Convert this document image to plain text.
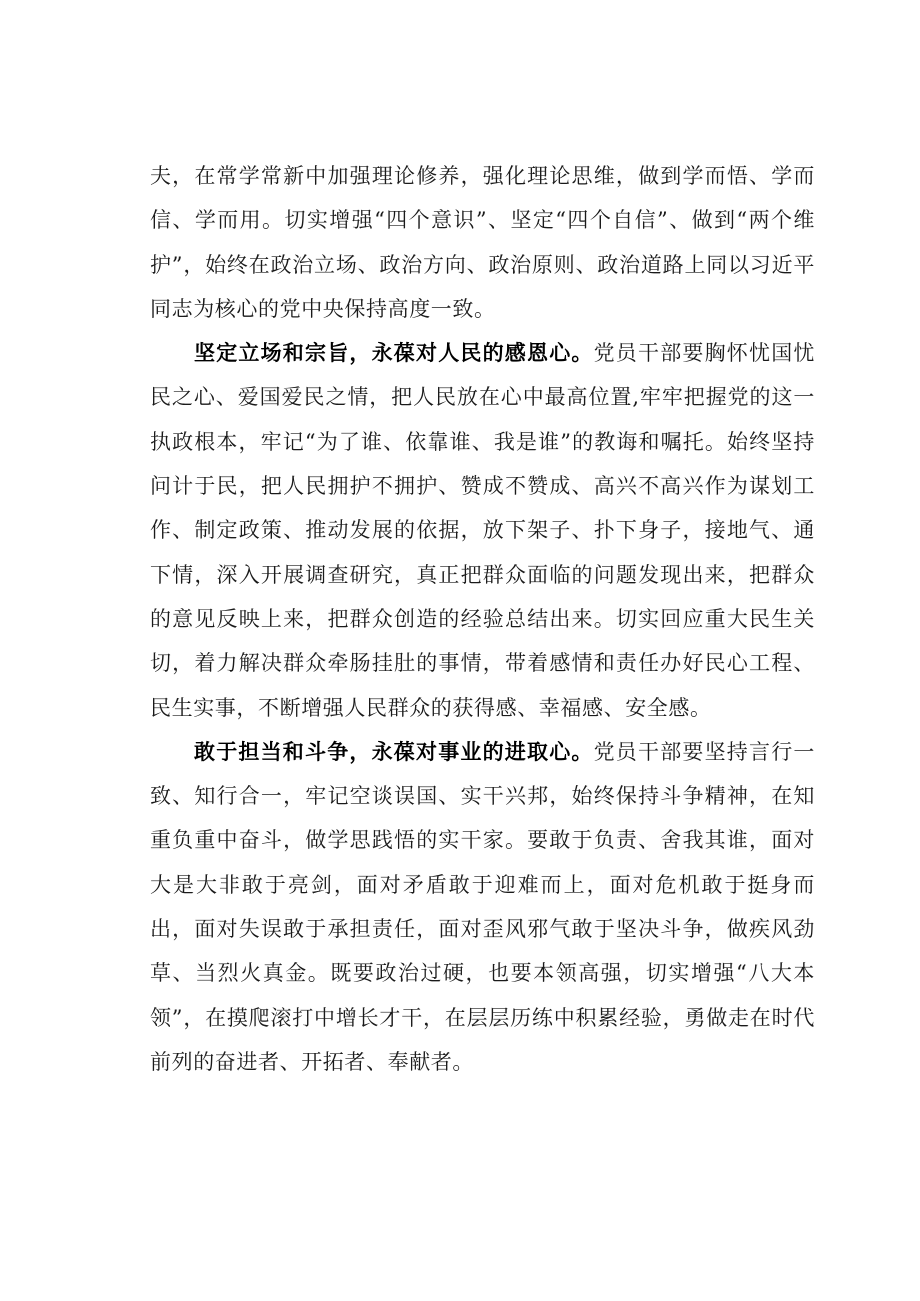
夫，在常学常新中加强理论修养，强化理论思维，做到学而悟、学而信、学而用。切实增强“四个意识”、坚定“四个自信”、做到“两个维护”，始终在政治立场、政治方向、政治原则、政治道路上同以习近平同志为核心的党中央保持高度一致。

坚定立场和宗旨，永葆对人民的感恩心。党员干部要胸怀忧国忧民之心、爱国爱民之情，把人民放在心中最高位置,牢牢把握党的这一执政根本，牢记“为了谁、依靠谁、我是谁”的教诲和嘱托。始终坚持问计于民，把人民拥护不拥护、赞成不赞成、高兴不高兴作为谋划工作、制定政策、推动发展的依据，放下架子、扑下身子，接地气、通下情，深入开展调查研究，真正把群众面临的问题发现出来，把群众的意见反映上来，把群众创造的经验总结出来。切实回应重大民生关切，着力解决群众牵肠挂肚的事情，带着感情和责任办好民心工程、民生实事，不断增强人民群众的获得感、幸福感、安全感。

敢于担当和斗争，永葆对事业的进取心。党员干部要坚持言行一致、知行合一，牢记空谈误国、实干兴邦，始终保持斗争精神，在知重负重中奋斗，做学思践悟的实干家。要敢于负责、舍我其谁，面对大是大非敢于亮剑，面对矛盾敢于迎难而上，面对危机敢于挺身而出，面对失误敢于承担责任，面对歪风邪气敢于坚决斗争，做疾风劲草、当烈火真金。既要政治过硬，也要本领高强，切实增强“八大本领”，在摸爬滚打中增长才干，在层层历练中积累经验，勇做走在时代前列的奋进者、开拓者、奉献者。
